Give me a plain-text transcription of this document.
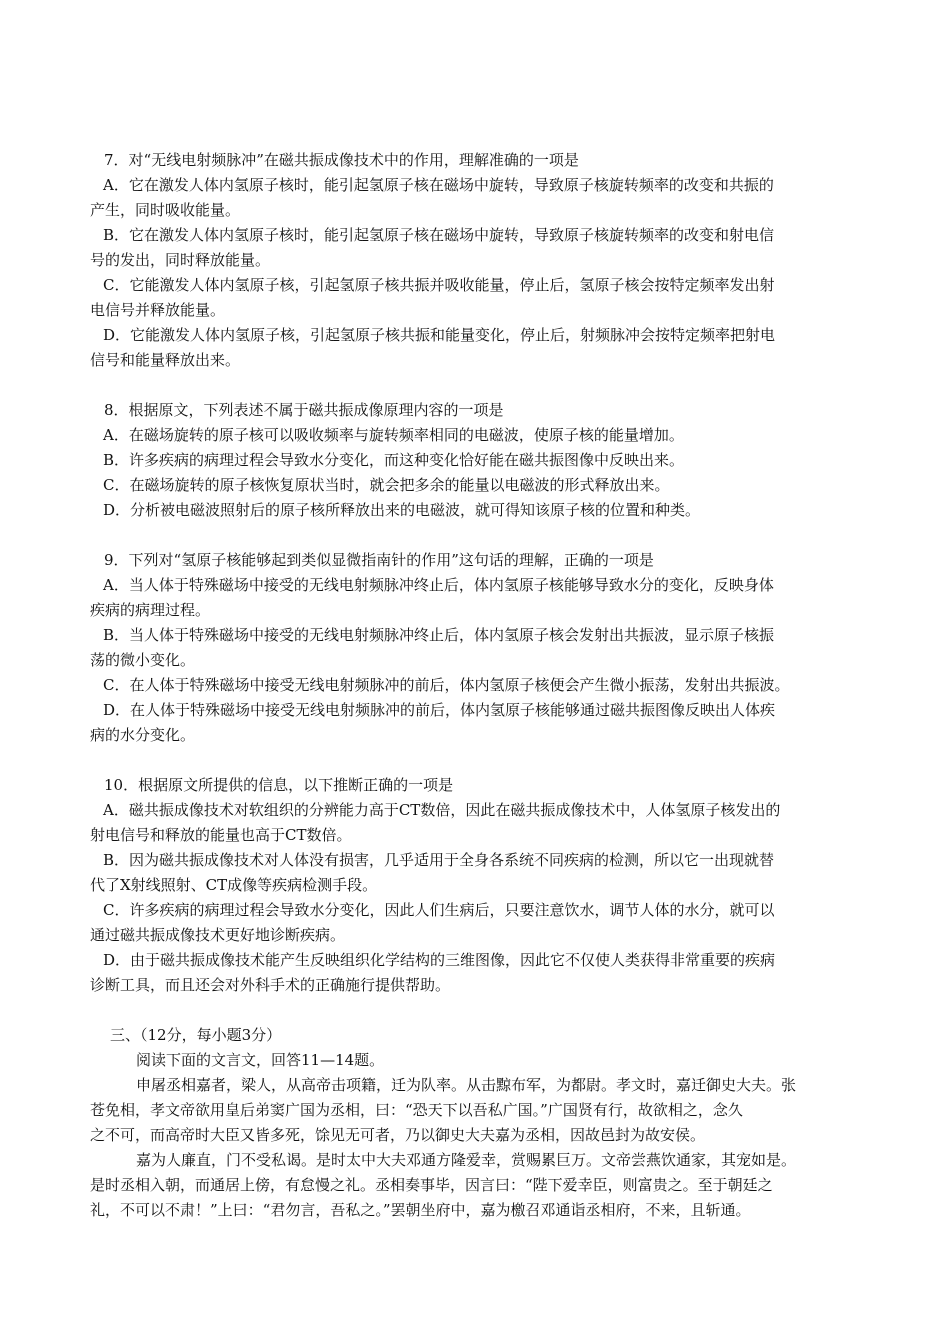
7．对“无线电射频脉冲”在磁共振成像技术中的作用，理解准确的一项是
A．它在激发人体内氢原子核时，能引起氢原子核在磁场中旋转，导致原子核旋转频率的改变和共振的
产生，同时吸收能量。
B．它在激发人体内氢原子核时，能引起氢原子核在磁场中旋转，导致原子核旋转频率的改变和射电信
号的发出，同时释放能量。
C．它能激发人体内氢原子核，引起氢原子核共振并吸收能量，停止后，氢原子核会按特定频率发出射
电信号并释放能量。
D．它能激发人体内氢原子核，引起氢原子核共振和能量变化，停止后，射频脉冲会按特定频率把射电
信号和能量释放出来。
8．根据原文，下列表述不属于磁共振成像原理内容的一项是
A．在磁场旋转的原子核可以吸收频率与旋转频率相同的电磁波，使原子核的能量增加。
B．许多疾病的病理过程会导致水分变化，而这种变化恰好能在磁共振图像中反映出来。
C．在磁场旋转的原子核恢复原状当时，就会把多余的能量以电磁波的形式释放出来。
D．分析被电磁波照射后的原子核所释放出来的电磁波，就可得知该原子核的位置和种类。
9．下列对“氢原子核能够起到类似显微指南针的作用”这句话的理解，正确的一项是
A．当人体于特殊磁场中接受的无线电射频脉冲终止后，体内氢原子核能够导致水分的变化，反映身体
疾病的病理过程。
B．当人体于特殊磁场中接受的无线电射频脉冲终止后，体内氢原子核会发射出共振波，显示原子核振
荡的微小变化。
C．在人体于特殊磁场中接受无线电射频脉冲的前后，体内氢原子核便会产生微小振荡，发射出共振波。
D．在人体于特殊磁场中接受无线电射频脉冲的前后，体内氢原子核能够通过磁共振图像反映出人体疾
病的水分变化。
10．根据原文所提供的信息，以下推断正确的一项是
A．磁共振成像技术对软组织的分辨能力高于CT数倍，因此在磁共振成像技术中，人体氢原子核发出的
射电信号和释放的能量也高于CT数倍。
B．因为磁共振成像技术对人体没有损害，几乎适用于全身各系统不同疾病的检测，所以它一出现就替
代了X射线照射、CT成像等疾病检测手段。
C．许多疾病的病理过程会导致水分变化，因此人们生病后，只要注意饮水，调节人体的水分，就可以
通过磁共振成像技术更好地诊断疾病。
D．由于磁共振成像技术能产生反映组织化学结构的三维图像，因此它不仅使人类获得非常重要的疾病
诊断工具，而且还会对外科手术的正确施行提供帮助。
三、（12分，每小题3分）
阅读下面的文言文，回答11—14题。
申屠丞相嘉者，梁人，从高帝击项籍，迁为队率。从击黥布军，为都尉。孝文时，嘉迁御史大夫。张
苍免相，孝文帝欲用皇后弟窦广国为丞相，曰：“恐天下以吾私广国。”广国贤有行，故欲相之，念久
之不可，而高帝时大臣又皆多死，馀见无可者，乃以御史大夫嘉为丞相，因故邑封为故安侯。
嘉为人廉直，门不受私谒。是时太中大夫邓通方隆爱幸，赏赐累巨万。文帝尝燕饮通家，其宠如是。
是时丞相入朝，而通居上傍，有怠慢之礼。丞相奏事毕，因言曰：“陛下爱幸臣，则富贵之。至于朝廷之
礼，不可以不肃！”上曰：“君勿言，吾私之。”罢朝坐府中，嘉为檄召邓通诣丞相府，不来，且斩通。
